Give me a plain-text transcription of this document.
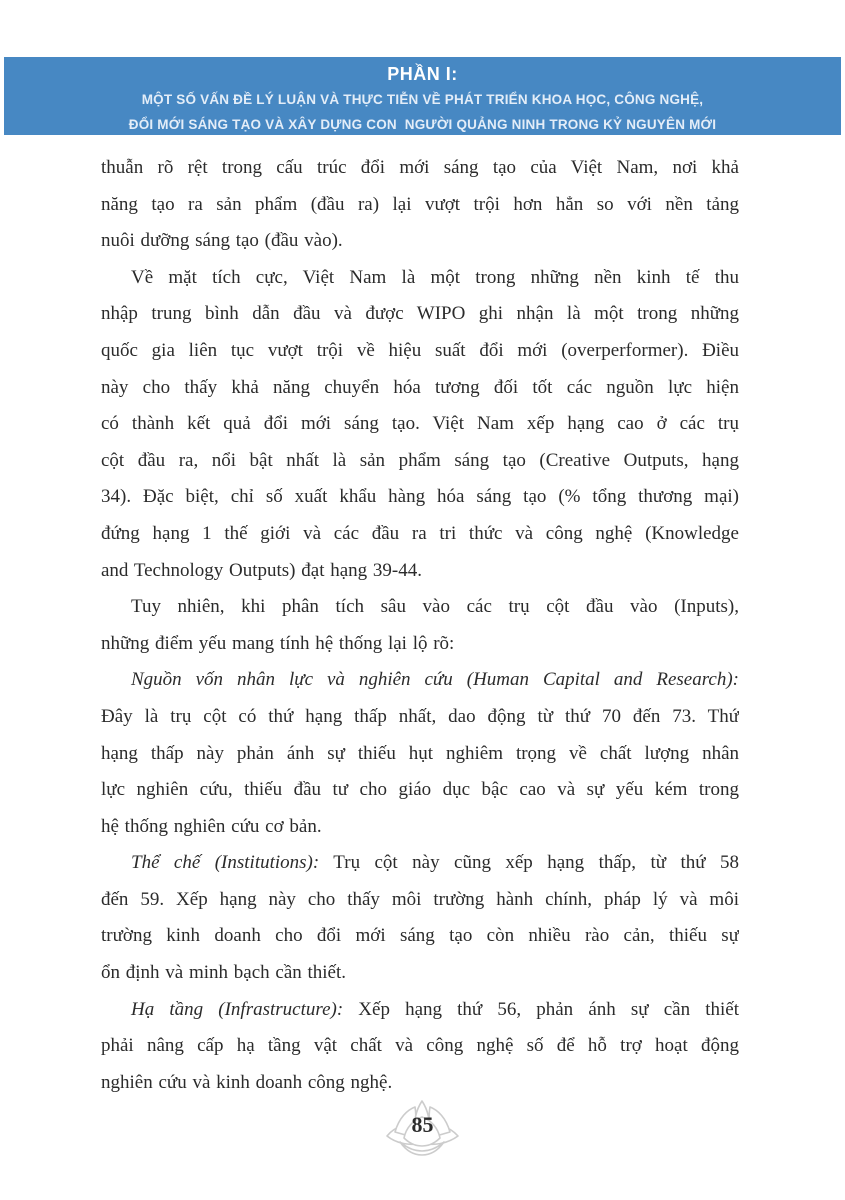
PHẦN I:
MỘT SỐ VẤN ĐỀ LÝ LUẬN VÀ THỰC TIỄN VỀ PHÁT TRIỂN KHOA HỌC, CÔNG NGHỆ,
ĐỔI MỚI SÁNG TẠO VÀ XÂY DỰNG CON  NGƯỜI QUẢNG NINH TRONG KỶ NGUYÊN MỚI
thuẫn rõ rệt trong cấu trúc đổi mới sáng tạo của Việt Nam, nơi khả
năng tạo ra sản phẩm (đầu ra) lại vượt trội hơn hẳn so với nền tảng
nuôi dưỡng sáng tạo (đầu vào).
Về mặt tích cực, Việt Nam là một trong những nền kinh tế thu
nhập trung bình dẫn đầu và được WIPO ghi nhận là một trong những
quốc gia liên tục vượt trội về hiệu suất đổi mới (overperformer). Điều
này cho thấy khả năng chuyển hóa tương đối tốt các nguồn lực hiện
có thành kết quả đổi mới sáng tạo. Việt Nam xếp hạng cao ở các trụ
cột đầu ra, nổi bật nhất là sản phẩm sáng tạo (Creative Outputs, hạng
34). Đặc biệt, chỉ số xuất khẩu hàng hóa sáng tạo (% tổng thương mại)
đứng hạng 1 thế giới và các đầu ra tri thức và công nghệ (Knowledge
and Technology Outputs) đạt hạng 39-44.
Tuy nhiên, khi phân tích sâu vào các trụ cột đầu vào (Inputs),
những điểm yếu mang tính hệ thống lại lộ rõ:
Nguồn vốn nhân lực và nghiên cứu (Human Capital and Research):
Đây là trụ cột có thứ hạng thấp nhất, dao động từ thứ 70 đến 73. Thứ
hạng thấp này phản ánh sự thiếu hụt nghiêm trọng về chất lượng nhân
lực nghiên cứu, thiếu đầu tư cho giáo dục bậc cao và sự yếu kém trong
hệ thống nghiên cứu cơ bản.
Thể chế (Institutions): Trụ cột này cũng xếp hạng thấp, từ thứ 58
đến 59. Xếp hạng này cho thấy môi trường hành chính, pháp lý và môi
trường kinh doanh cho đổi mới sáng tạo còn nhiều rào cản, thiếu sự
ổn định và minh bạch cần thiết.
Hạ tầng (Infrastructure): Xếp hạng thứ 56, phản ánh sự cần thiết
phải nâng cấp hạ tầng vật chất và công nghệ số để hỗ trợ hoạt động
nghiên cứu và kinh doanh công nghệ.
85
